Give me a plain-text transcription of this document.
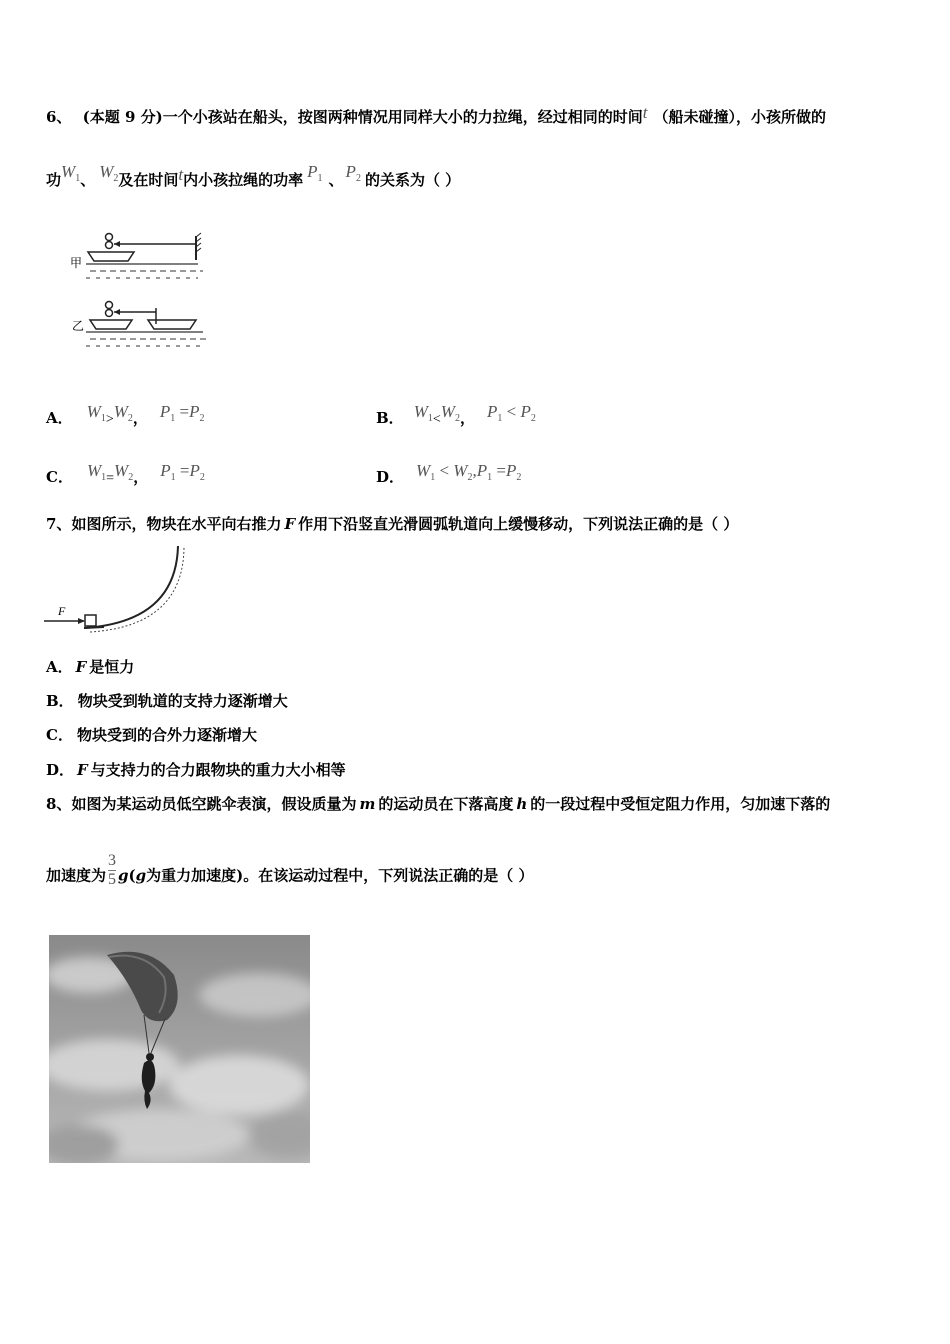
6、 (本题 9 分)一个小孩站在船头，按图两种情况用同样大小的力拉绳，经过相同的时间t （船未碰撞），小孩所做的
功$W_1$、 $W_2$及在时间t内小孩拉绳的功率 $P_1$ 、 $P_2$ 的关系为（ ）
甲
乙
A． $W_1>W_2$， $P_1 =P_2$	B． $W_1<W_2$， $P_1 < P_2$
C． $W_1=W_2$， $P_1 =P_2$	D． $W_1 < W_2,P_1 =P_2$
7、如图所示，物块在水平向右推力 F 作用下沿竖直光滑圆弧轨道向上缓慢移动，下列说法正确的是（ ）
F
A． F 是恒力
B． 物块受到轨道的支持力逐渐增大
C． 物块受到的合外力逐渐增大
D． F 与支持力的合力跟物块的重力大小相等
8、如图为某运动员低空跳伞表演，假设质量为 m 的运动员在下落高度 h 的一段过程中受恒定阻力作用，匀加速下落的
加速度为 $\frac{3}{5} g(g$为重力加速度)。在该运动过程中，下列说法正确的是（ ）
